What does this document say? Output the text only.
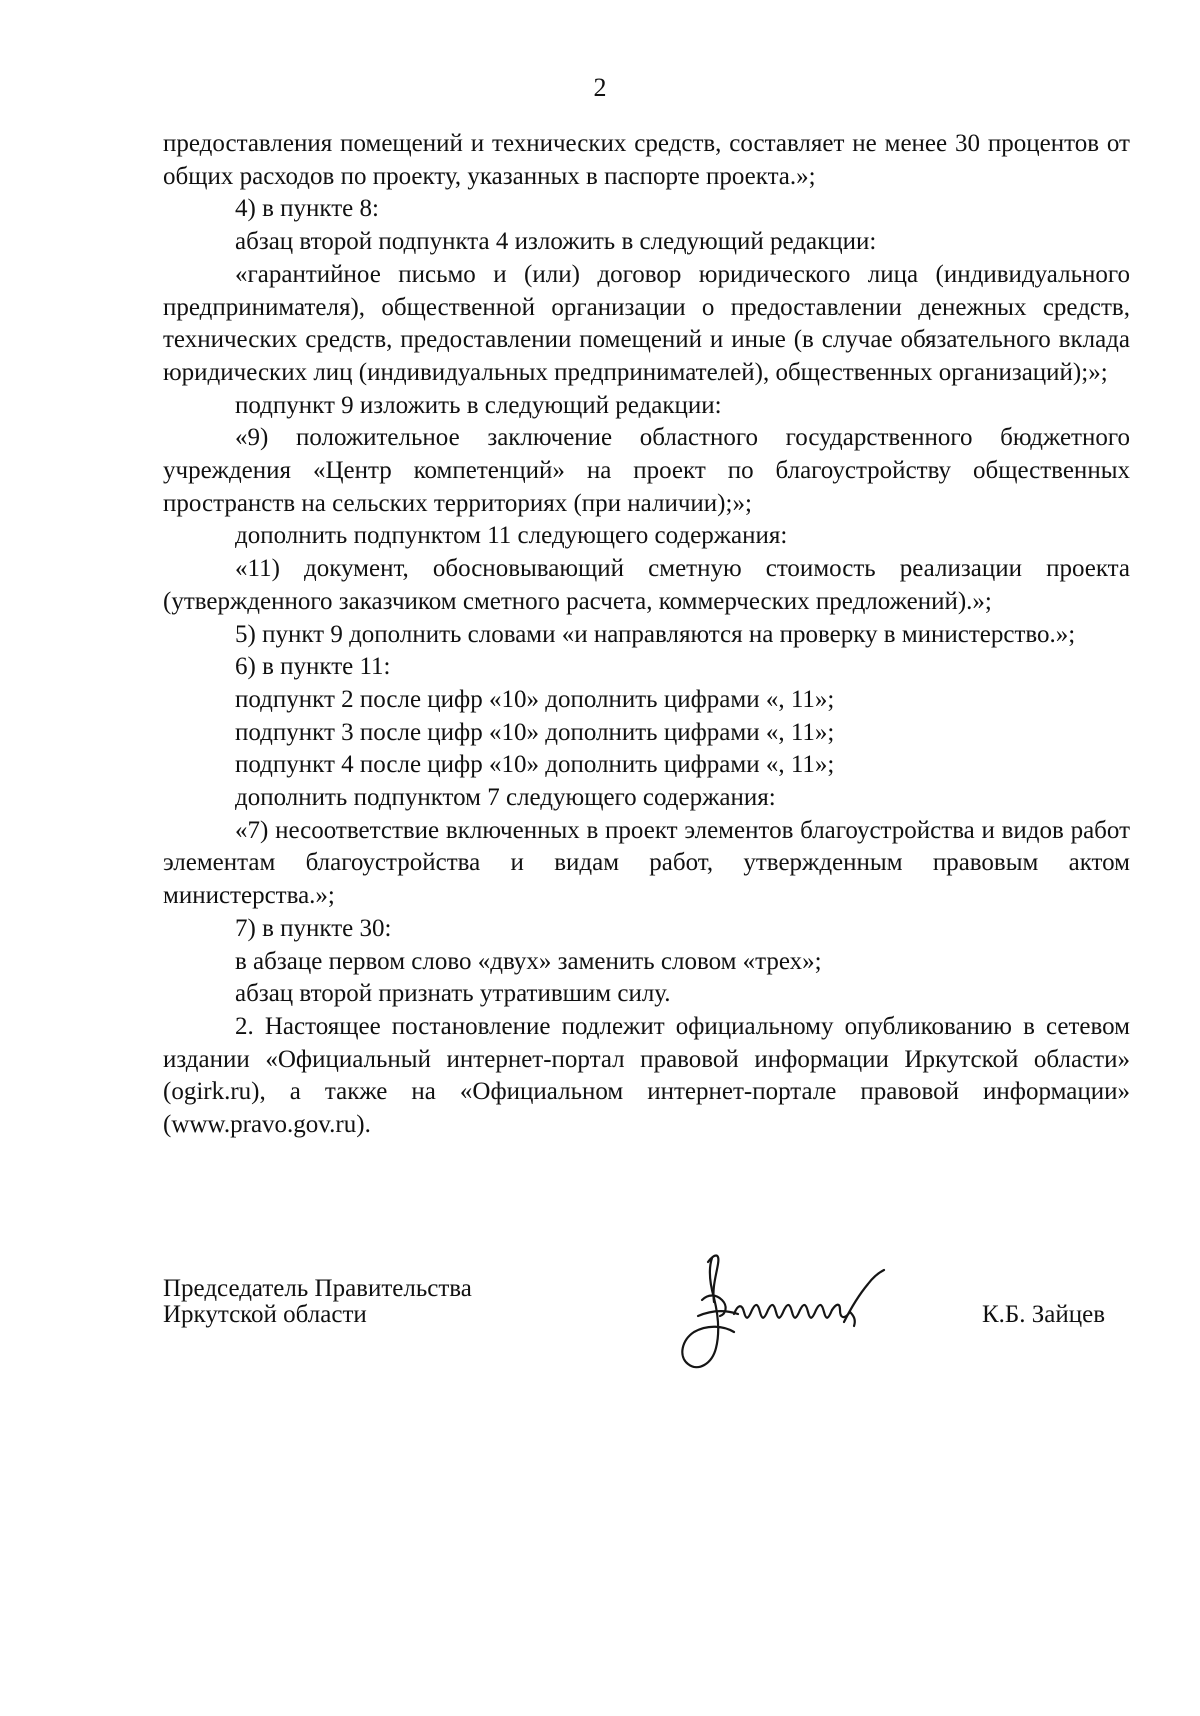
2

предоставления помещений и технических средств, составляет не менее 30 процентов от общих расходов по проекту, указанных в паспорте проекта.»;

4) в пункте 8:

абзац второй подпункта 4 изложить в следующий редакции:

«гарантийное письмо и (или) договор юридического лица (индивидуального предпринимателя), общественной организации о предоставлении денежных средств, технических средств, предоставлении помещений и иные (в случае обязательного вклада юридических лиц (индивидуальных предпринимателей), общественных организаций);»;

подпункт 9 изложить в следующий редакции:

«9) положительное заключение областного государственного бюджетного учреждения «Центр компетенций» на проект по благоустройству общественных пространств на сельских территориях (при наличии);»;

дополнить подпунктом 11 следующего содержания:

«11) документ, обосновывающий сметную стоимость реализации проекта (утвержденного заказчиком сметного расчета, коммерческих предложений).»;

5) пункт 9 дополнить словами «и направляются на проверку в министерство.»;

6) в пункте 11:

подпункт 2 после цифр «10» дополнить цифрами «, 11»;

подпункт 3 после цифр «10» дополнить цифрами «, 11»;

подпункт 4 после цифр «10» дополнить цифрами «, 11»;

дополнить подпунктом 7 следующего содержания:

«7) несоответствие включенных в проект элементов благоустройства и видов работ элементам благоустройства и видам работ, утвержденным правовым актом министерства.»;

7) в пункте 30:

в абзаце первом слово «двух» заменить словом «трех»;

абзац второй признать утратившим силу.

2. Настоящее постановление подлежит официальному опубликованию в сетевом издании «Официальный интернет-портал правовой информации Иркутской области» (ogirk.ru), а также на «Официальном интернет-портале правовой информации» (www.pravo.gov.ru).

Председатель Правительства
Иркутской области	К.Б. Зайцев
